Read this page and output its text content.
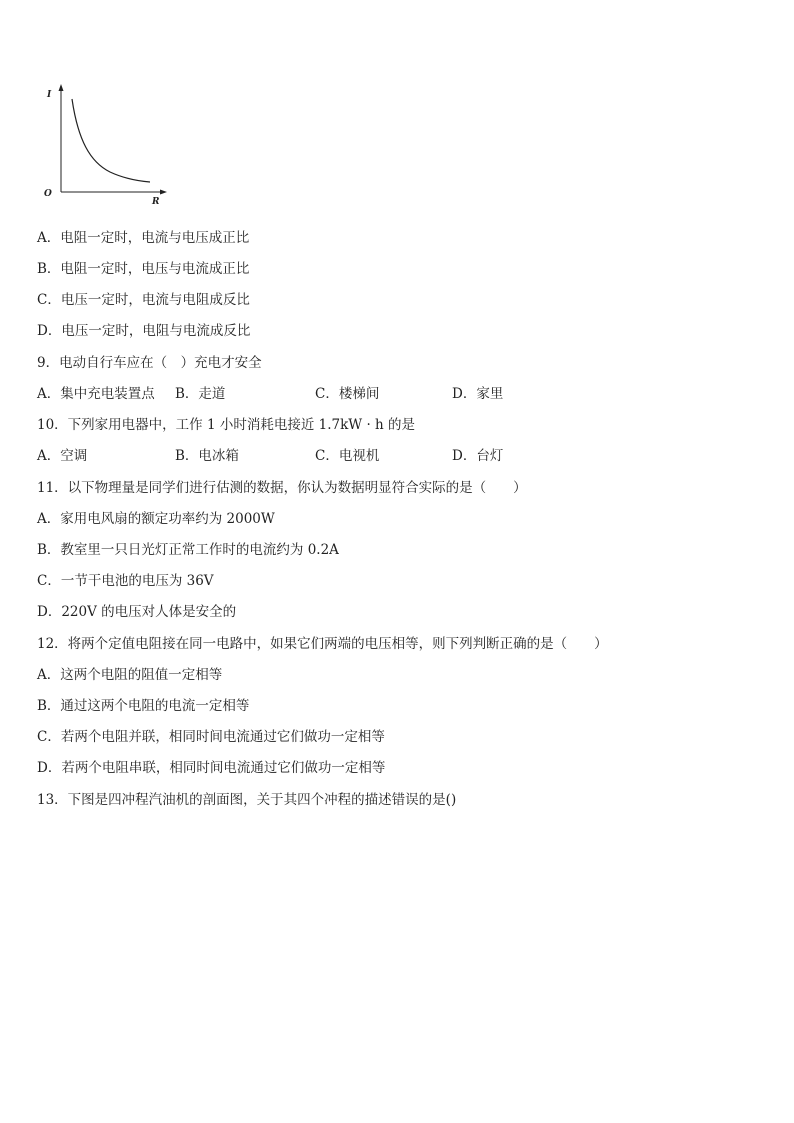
I
R
O
A．电阻一定时，电流与电压成正比
B．电阻一定时，电压与电流成正比
C．电压一定时，电流与电阻成反比
D．电压一定时，电阻与电流成反比
9．电动自行车应在（　）充电才安全
A．集中充电装置点 B．走道	C．楼梯间	D．家里
10．下列家用电器中，工作 1 小时消耗电接近 1.7kW · h 的是
A．空调	B．电冰箱	C．电视机	D．台灯
11．以下物理量是同学们进行估测的数据，你认为数据明显符合实际的是（　　）
A．家用电风扇的额定功率约为 2000W
B．教室里一只日光灯正常工作时的电流约为 0.2A
C．一节干电池的电压为 36V
D．220V 的电压对人体是安全的
12．将两个定值电阻接在同一电路中，如果它们两端的电压相等，则下列判断正确的是（　　）
A．这两个电阻的阻值一定相等
B．通过这两个电阻的电流一定相等
C．若两个电阻并联，相同时间电流通过它们做功一定相等
D．若两个电阻串联，相同时间电流通过它们做功一定相等
13．下图是四冲程汽油机的剖面图，关于其四个冲程的描述错误的是()
